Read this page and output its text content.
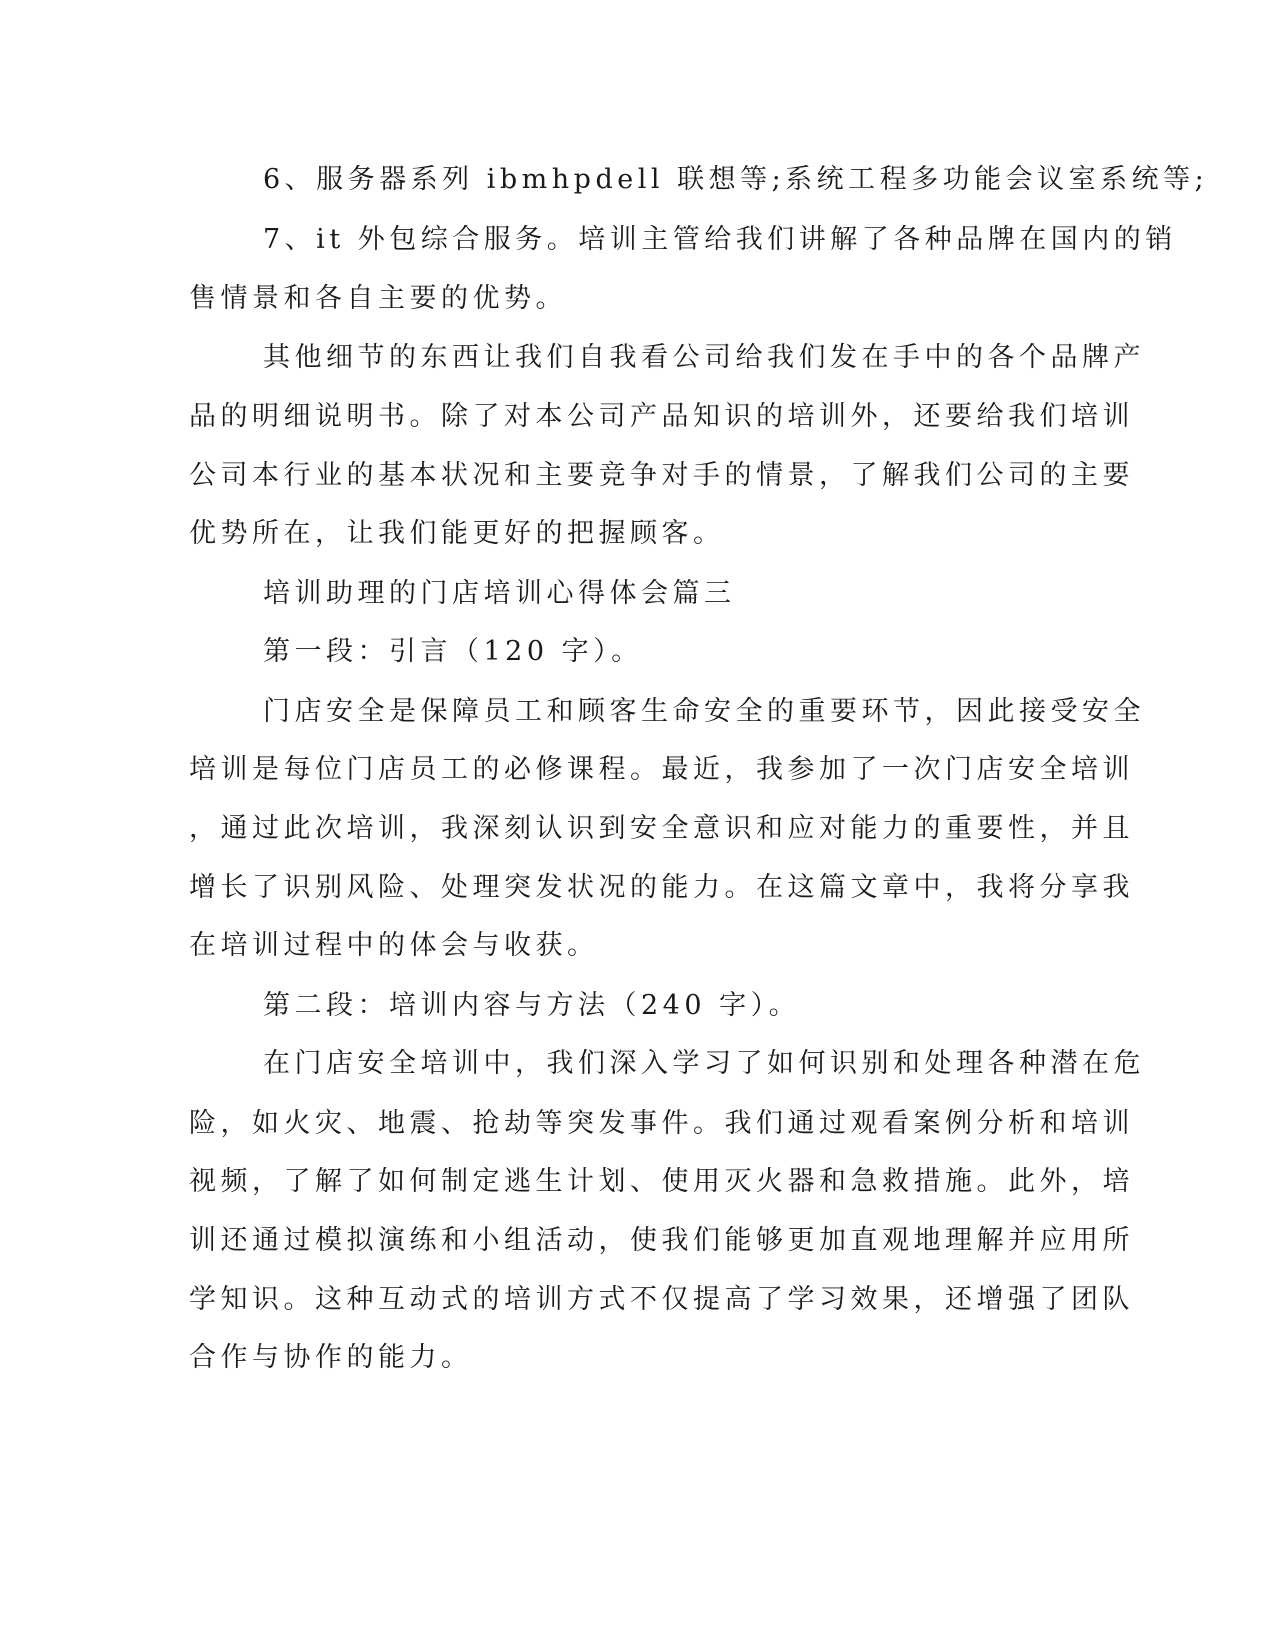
6、服务器系列 ibmhpdell 联想等;系统工程多功能会议室系统等;

7、it 外包综合服务。培训主管给我们讲解了各种品牌在国内的销

售情景和各自主要的优势。

其他细节的东西让我们自我看公司给我们发在手中的各个品牌产

品的明细说明书。除了对本公司产品知识的培训外，还要给我们培训

公司本行业的基本状况和主要竞争对手的情景，了解我们公司的主要

优势所在，让我们能更好的把握顾客。

培训助理的门店培训心得体会篇三

第一段：引言（120 字）。

门店安全是保障员工和顾客生命安全的重要环节，因此接受安全

培训是每位门店员工的必修课程。最近，我参加了一次门店安全培训

，通过此次培训，我深刻认识到安全意识和应对能力的重要性，并且

增长了识别风险、处理突发状况的能力。在这篇文章中，我将分享我

在培训过程中的体会与收获。

第二段：培训内容与方法（240 字）。

在门店安全培训中，我们深入学习了如何识别和处理各种潜在危

险，如火灾、地震、抢劫等突发事件。我们通过观看案例分析和培训

视频，了解了如何制定逃生计划、使用灭火器和急救措施。此外，培

训还通过模拟演练和小组活动，使我们能够更加直观地理解并应用所

学知识。这种互动式的培训方式不仅提高了学习效果，还增强了团队

合作与协作的能力。
